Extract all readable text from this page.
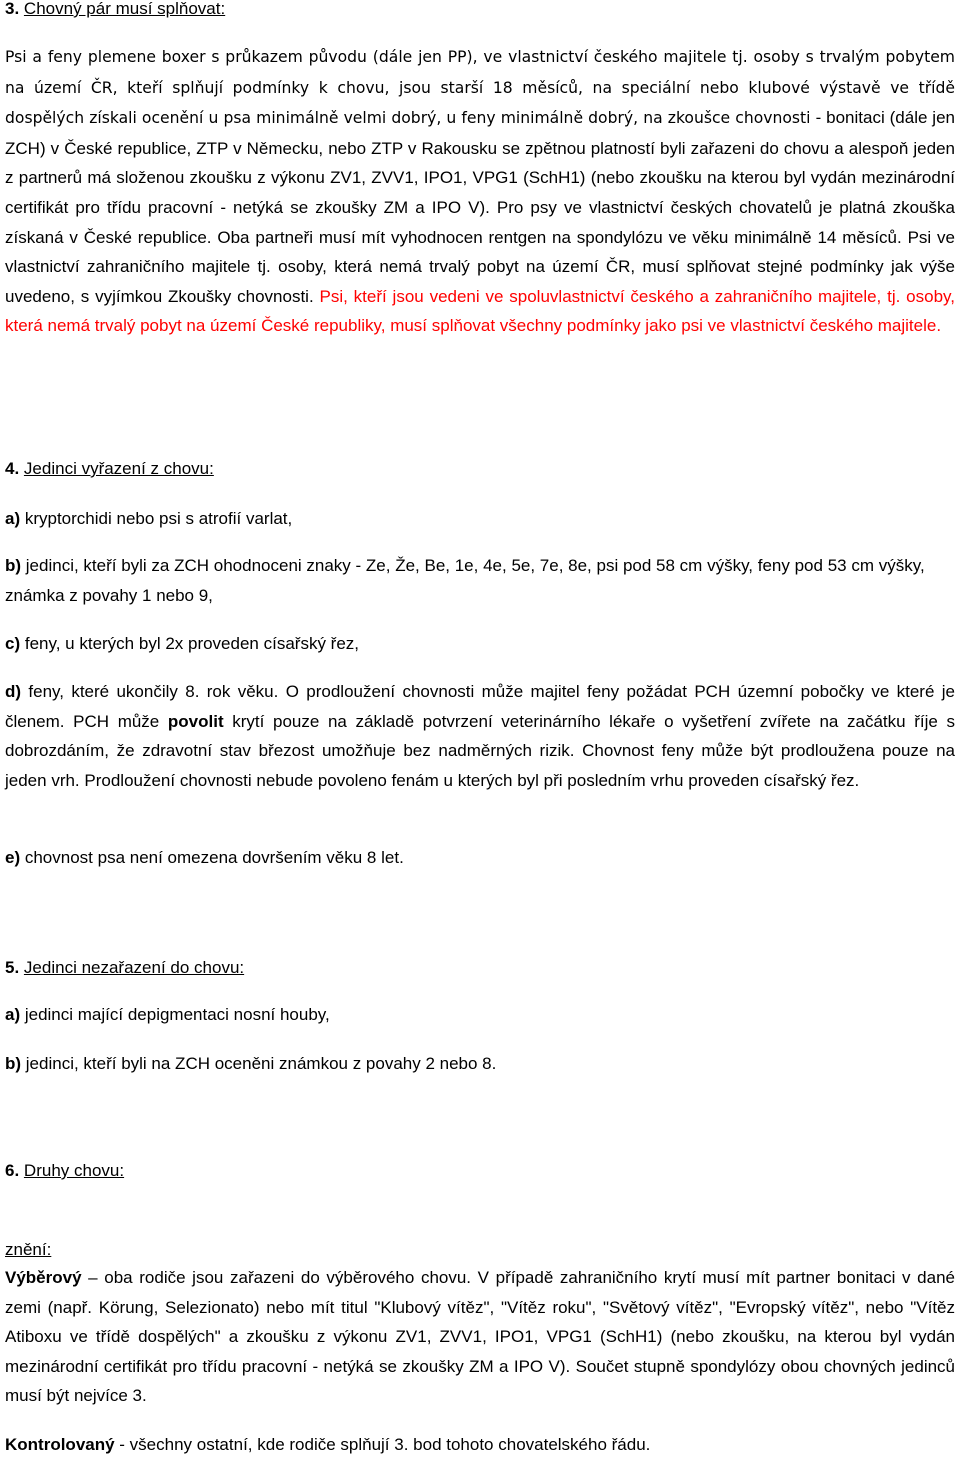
3. Chovný pár musí splňovat:

Psi a feny plemene boxer s průkazem původu (dále jen PP), ve vlastnictví českého majitele tj. osoby s trvalým pobytem na území ČR, kteří splňují podmínky k chovu, jsou starší 18 měsíců, na speciální nebo klubové výstavě ve třídě dospělých získali ocenění u psa minimálně velmi dobrý, u feny minimálně dobrý, na zkoušce chovnosti - bonitaci (dále jen ZCH) v České republice, ZTP v Německu, nebo ZTP v Rakousku se zpětnou platností byli zařazeni do chovu a alespoň jeden z partnerů má složenou zkoušku z výkonu ZV1, ZVV1, IPO1, VPG1 (SchH1) (nebo zkoušku na kterou byl vydán mezinárodní certifikát pro třídu pracovní - netýká se zkoušky ZM a IPO V). Pro psy ve vlastnictví českých chovatelů je platná zkouška získaná v České republice. Oba partneři musí mít vyhodnocen rentgen na spondylózu ve věku minimálně 14 měsíců. Psi ve vlastnictví zahraničního majitele tj. osoby, která nemá trvalý pobyt na území ČR, musí splňovat stejné podmínky jak výše uvedeno, s vyjímkou Zkoušky chovnosti. Psi, kteří jsou vedeni ve spoluvlastnictví českého a zahraničního majitele, tj. osoby, která nemá trvalý pobyt na území České republiky, musí splňovat všechny podmínky jako psi ve vlastnictví českého majitele.

4. Jedinci vyřazení z chovu:

a) kryptorchidi nebo psi s atrofií varlat,

b) jedinci, kteří byli za ZCH ohodnoceni znaky - Ze, Že, Be, 1e, 4e, 5e, 7e, 8e, psi pod 58 cm výšky, feny pod 53 cm výšky, známka z povahy 1 nebo 9,

c) feny, u kterých byl 2x proveden císařský řez,

d) feny, které ukončily 8. rok věku. O prodloužení chovnosti může majitel feny požádat PCH územní pobočky ve které je členem. PCH může povolit krytí pouze na základě potvrzení veterinárního lékaře o vyšetření zvířete na začátku říje s dobrozdáním, že zdravotní stav březost umožňuje bez nadměrných rizik. Chovnost feny může být prodloužena pouze na jeden vrh. Prodloužení chovnosti nebude povoleno fenám u kterých byl při posledním vrhu proveden císařský řez.

e) chovnost psa není omezena dovršením věku 8 let.

5. Jedinci nezařazení do chovu:

a) jedinci mající depigmentaci nosní houby,

b) jedinci, kteří byli na ZCH oceněni známkou z povahy 2 nebo 8.

6. Druhy chovu:

znění:

Výběrový – oba rodiče jsou zařazeni do výběrového chovu. V případě zahraničního krytí musí mít partner bonitaci v dané zemi (např. Körung, Selezionato) nebo mít titul "Klubový vítěz", "Vítěz roku", "Světový vítěz", "Evropský vítěz", nebo "Vítěz Atiboxu ve třídě dospělých" a zkoušku z výkonu ZV1, ZVV1, IPO1, VPG1 (SchH1) (nebo zkoušku, na kterou byl vydán mezinárodní certifikát pro třídu pracovní - netýká se zkoušky ZM a IPO V). Součet stupně spondylózy obou chovných jedinců musí být nejvíce 3.

Kontrolovaný - všechny ostatní, kde rodiče splňují 3. bod tohoto chovatelského řádu.
